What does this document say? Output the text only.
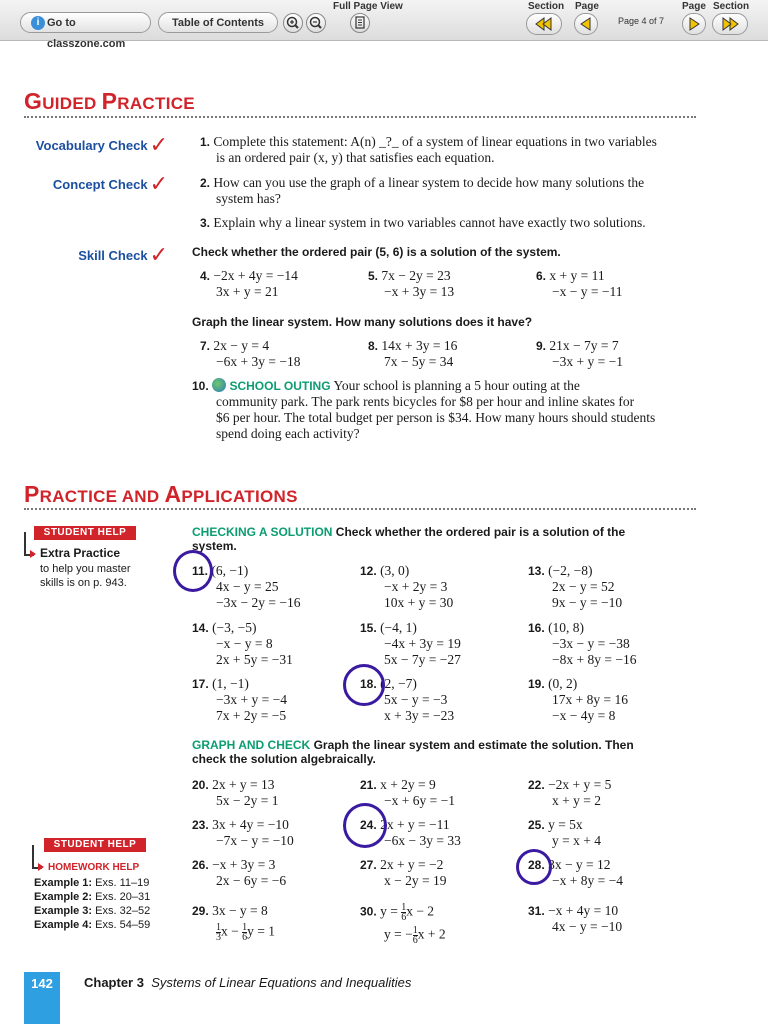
i Go to classzone.com
Table of Contents
Full Page View	Section Page
Page 4 of 7
Page Section
GUIDED PRACTICE
Vocabulary Check✓
Concept Check✓
Skill Check✓
1. Complete this statement: A(n) _?_ of a system of linear equations in two variables
is an ordered pair (x, y) that satisfies each equation.
2. How can you use the graph of a linear system to decide how many solutions the
system has?
3. Explain why a linear system in two variables cannot have exactly two solutions.
Check whether the ordered pair (5, 6) is a solution of the system.
4. −2x + 4y = −14
3x + y = 21
5. 7x − 2y = 23
−x + 3y = 13
6. x + y = 11
−x − y = −11
Graph the linear system. How many solutions does it have?
7. 2x − y = 4
−6x + 3y = −18
8. 14x + 3y = 16
7x − 5y = 34
9. 21x − 7y = 7
−3x + y = −1
10. SCHOOL OUTING Your school is planning a 5 hour outing at the
community park. The park rents bicycles for $8 per hour and inline skates for
$6 per hour. The total budget per person is $34. How many hours should students
spend doing each activity?
PRACTICE AND APPLICATIONS
STUDENT HELP
Extra Practice
to help you master
skills is on p. 943.
CHECKING A SOLUTION Check whether the ordered pair is a solution of the
system.
11. (6, −1)
4x − y = 25
−3x − 2y = −16
12. (3, 0)
−x + 2y = 3
10x + y = 30
13. (−2, −8)
2x − y = 52
9x − y = −10
14. (−3, −5)
−x − y = 8
2x + 5y = −31
15. (−4, 1)
−4x + 3y = 19
5x − 7y = −27
16. (10, 8)
−3x − y = −38
−8x + 8y = −16
17. (1, −1)
−3x + y = −4
7x + 2y = −5
18. (2, −7)
5x − y = −3
x + 3y = −23
19. (0, 2)
17x + 8y = 16
−x − 4y = 8
GRAPH AND CHECK Graph the linear system and estimate the solution. Then
check the solution algebraically.
20. 2x + y = 13
5x − 2y = 1
21. x + 2y = 9
−x + 6y = −1
22. −2x + y = 5
x + y = 2
23. 3x + 4y = −10
−7x − y = −10
24. 2x + y = −11
−6x − 3y = 33
25. y = 5x
y = x + 4
26. −x + 3y = 3
2x − 6y = −6
27. 2x + y = −2
x − 2y = 19
28. 3x − y = 12
−x + 8y = −4
29. 3x − y = 8
$\frac{1}{3}$ $x - \frac{1}{6}$ y = 1
30. $y = \frac{1}{6}$ x − 2
y = − $\frac{1}{6}$ x + 2
31. −x + 4y = 10
4x − y = −10
STUDENT HELP
HOMEWORK HELP
Example 1: Exs. 11–19
Example 2: Exs. 20–31
Example 3: Exs. 32–52
Example 4: Exs. 54–59
142	Chapter 3 Systems of Linear Equations and Inequalities
